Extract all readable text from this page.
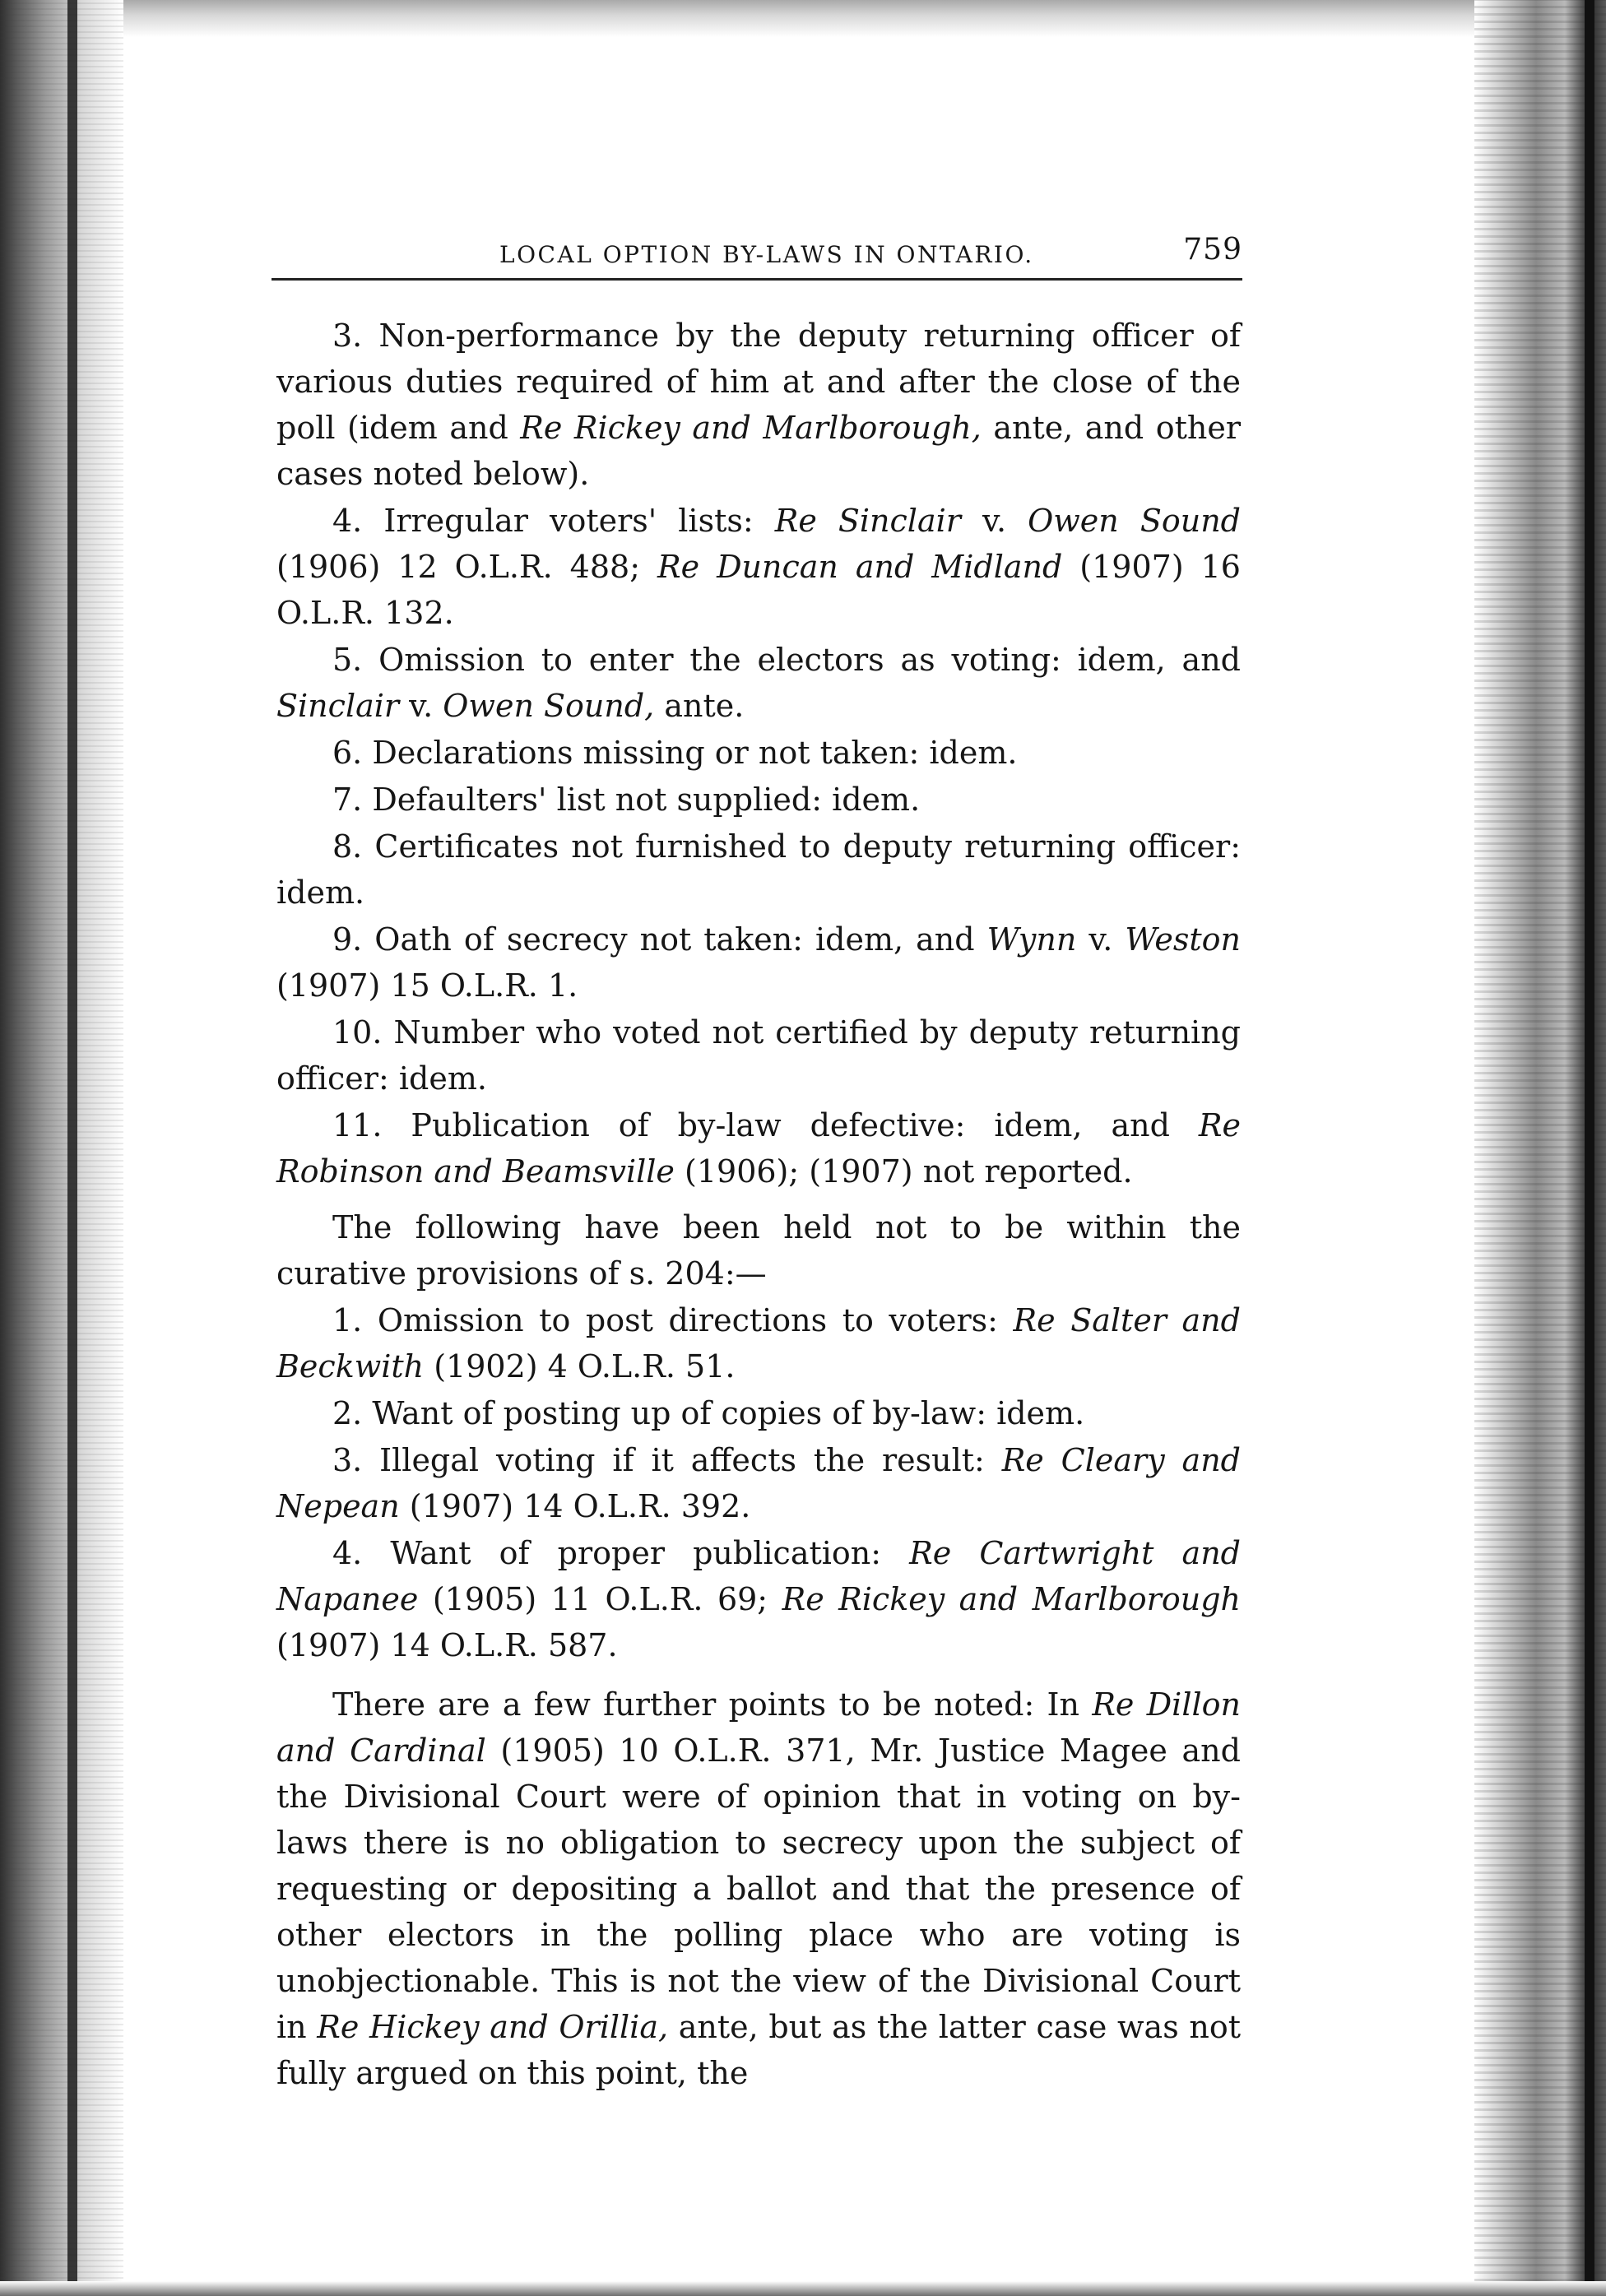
LOCAL OPTION BY-LAWS IN ONTARIO.	759

3. Non-performance by the deputy returning officer of various duties required of him at and after the close of the poll (idem and Re Rickey and Marlborough, ante, and other cases noted below).

4. Irregular voters' lists: Re Sinclair v. Owen Sound (1906) 12 O.L.R. 488; Re Duncan and Midland (1907) 16 O.L.R. 132.

5. Omission to enter the electors as voting: idem, and Sinclair v. Owen Sound, ante.

6. Declarations missing or not taken: idem.

7. Defaulters' list not supplied: idem.

8. Certificates not furnished to deputy returning officer: idem.

9. Oath of secrecy not taken: idem, and Wynn v. Weston (1907) 15 O.L.R. 1.

10. Number who voted not certified by deputy returning officer: idem.

11. Publication of by-law defective: idem, and Re Robinson and Beamsville (1906); (1907) not reported.

The following have been held not to be within the curative provisions of s. 204:—

1. Omission to post directions to voters: Re Salter and Beckwith (1902) 4 O.L.R. 51.

2. Want of posting up of copies of by-law: idem.

3. Illegal voting if it affects the result: Re Cleary and Nepean (1907) 14 O.L.R. 392.

4. Want of proper publication: Re Cartwright and Napanee (1905) 11 O.L.R. 69; Re Rickey and Marlborough (1907) 14 O.L.R. 587.

There are a few further points to be noted: In Re Dillon and Cardinal (1905) 10 O.L.R. 371, Mr. Justice Magee and the Divisional Court were of opinion that in voting on by-laws there is no obligation to secrecy upon the subject of requesting or depositing a ballot and that the presence of other electors in the polling place who are voting is unobjectionable. This is not the view of the Divisional Court in Re Hickey and Orillia, ante, but as the latter case was not fully argued on this point, the
